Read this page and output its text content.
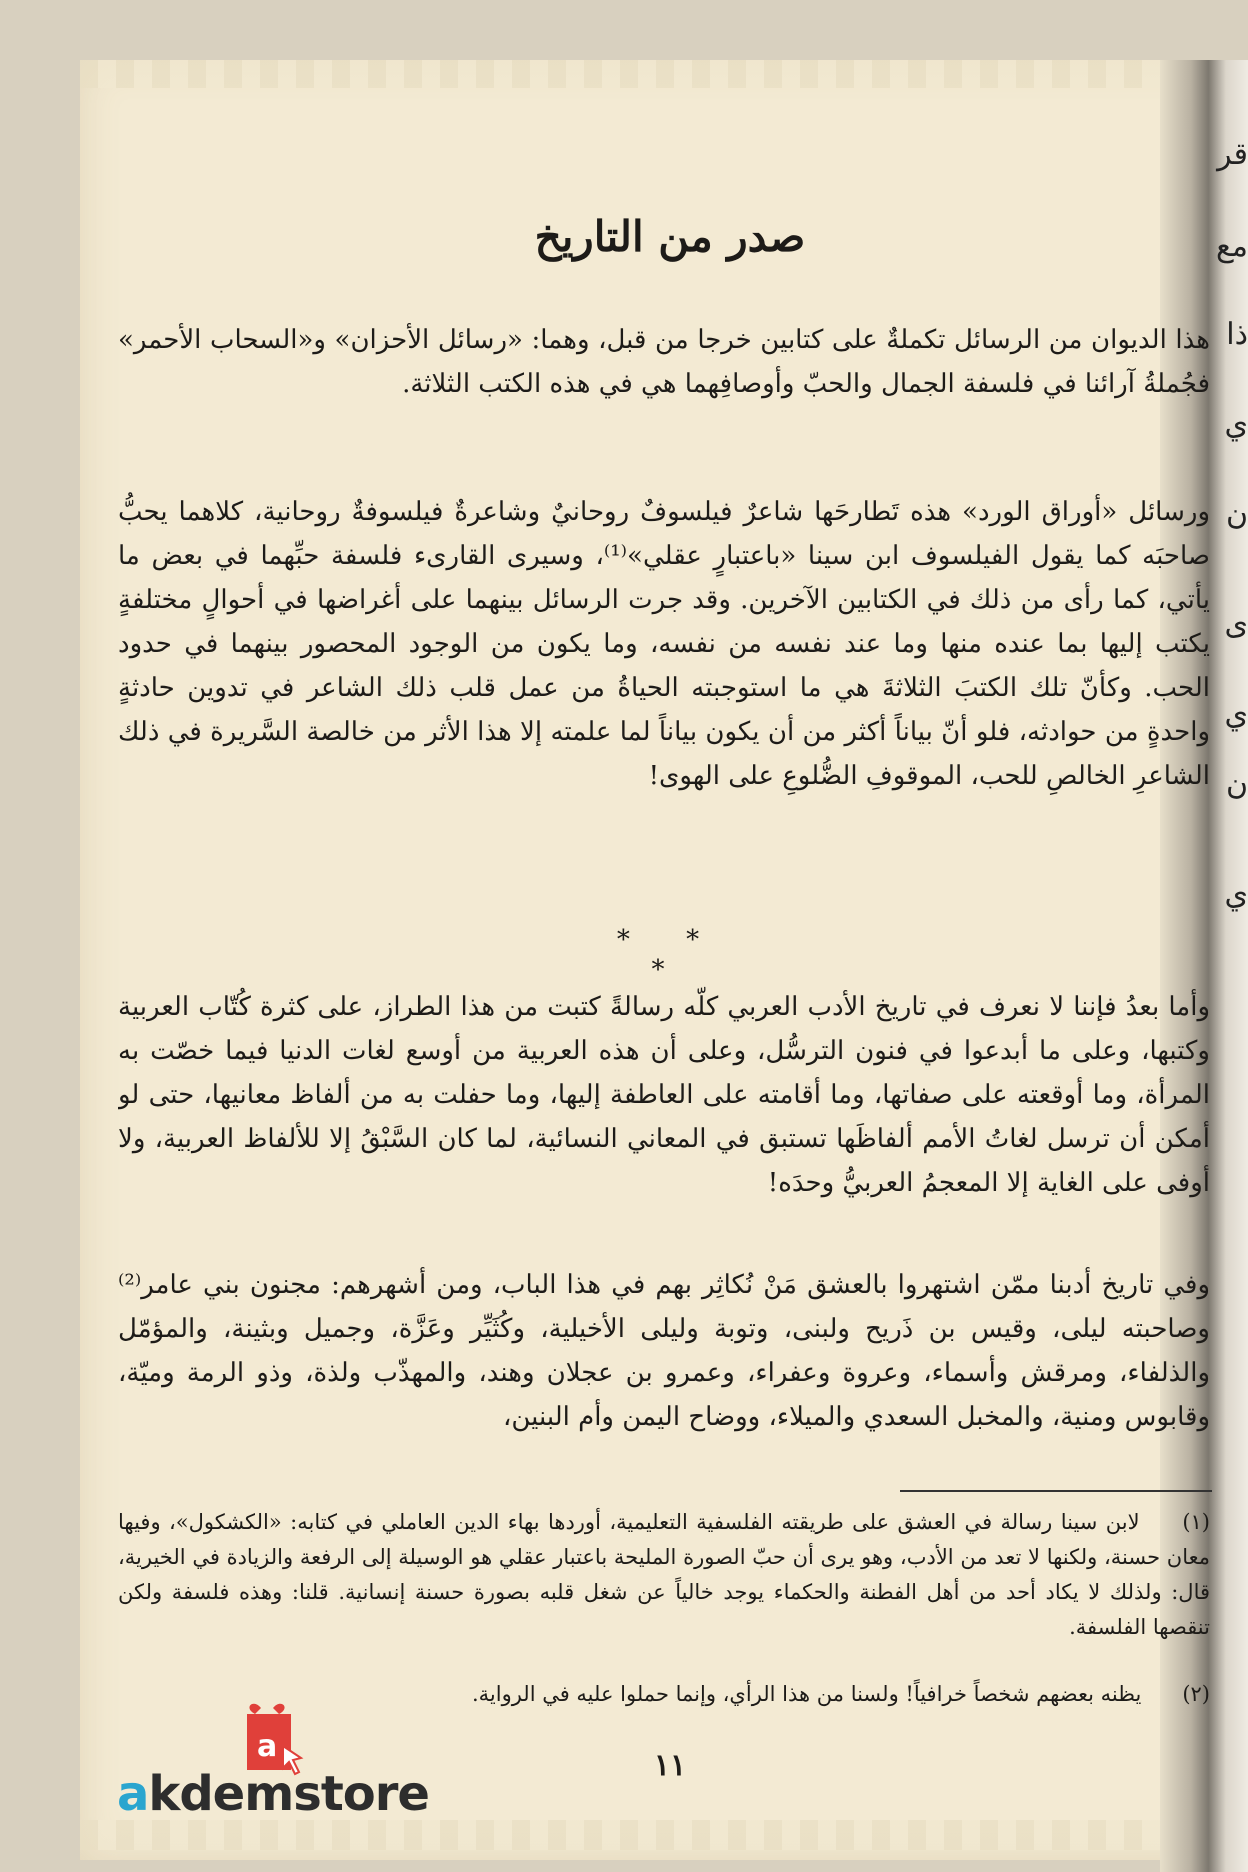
قر
مع
ذا
ي
ن
ى
ي
ن
ي
صدر من التاريخ

هذا الديوان من الرسائل تكملةٌ على كتابين خرجا من قبل، وهما: «رسائل الأحزان» و«السحاب الأحمر» فجُملةُ آرائنا في فلسفة الجمال والحبّ وأوصافِهما هي في هذه الكتب الثلاثة.

ورسائل «أوراق الورد» هذه تَطارحَها شاعرٌ فيلسوفٌ روحانيٌ وشاعرةٌ فيلسوفةٌ روحانية، كلاهما يحبُّ صاحبَه كما يقول الفيلسوف ابن سينا «باعتبارٍ عقلي»⁽¹⁾، وسيرى القارىء فلسفة حبِّهما في بعض ما يأتي، كما رأى من ذلك في الكتابين الآخرين. وقد جرت الرسائل بينهما على أغراضها في أحوالٍ مختلفةٍ يكتب إليها بما عنده منها وما عند نفسه من نفسه، وما يكون من الوجود المحصور بينهما في حدود الحب. وكأنّ تلك الكتبَ الثلاثةَ هي ما استوجبته الحياةُ من عمل قلب ذلك الشاعر في تدوين حادثةٍ واحدةٍ من حوادثه، فلو أنّ بياناً أكثر من أن يكون بياناً لما علمته إلا هذا الأثر من خالصة السَّريرة في ذلك الشاعرِ الخالصِ للحب، الموقوفِ الضُّلوعِ على الهوى!

* * *

وأما بعدُ فإننا لا نعرف في تاريخ الأدب العربي كلّه رسالةً كتبت من هذا الطراز، على كثرة كُتّاب العربية وكتبها، وعلى ما أبدعوا في فنون الترسُّل، وعلى أن هذه العربية من أوسع لغات الدنيا فيما خصّت به المرأة، وما أوقعته على صفاتها، وما أقامته على العاطفة إليها، وما حفلت به من ألفاظ معانيها، حتى لو أمكن أن ترسل لغاتُ الأمم ألفاظَها تستبق في المعاني النسائية، لما كان السَّبْقُ إلا للألفاظ العربية، ولا أوفى على الغاية إلا المعجمُ العربيُّ وحدَه!

وفي تاريخ أدبنا ممّن اشتهروا بالعشق مَنْ نُكاثِر بهم في هذا الباب، ومن أشهرهم: مجنون بني عامر⁽²⁾ وصاحبته ليلى، وقيس بن ذَريح ولبنى، وتوبة وليلى الأخيلية، وكُثَيِّر وعَزَّة، وجميل وبثينة، والمؤمّل والذلفاء، ومرقش وأسماء، وعروة وعفراء، وعمرو بن عجلان وهند، والمهذّب ولذة، وذو الرمة وميّة، وقابوس ومنية، والمخبل السعدي والميلاء، ووضاح اليمن وأم البنين،

(١) لابن سينا رسالة في العشق على طريقته الفلسفية التعليمية، أوردها بهاء الدين العاملي في كتابه: «الكشكول»، وفيها معان حسنة، ولكنها لا تعد من الأدب، وهو يرى أن حبّ الصورة المليحة باعتبار عقلي هو الوسيلة إلى الرفعة والزيادة في الخيرية، قال: ولذلك لا يكاد أحد من أهل الفطنة والحكماء يوجد خالياً عن شغل قلبه بصورة حسنة إنسانية. قلنا: وهذه فلسفة ولكن تنقصها الفلسفة.
(٢) يظنه بعضهم شخصاً خرافياً! ولسنا من هذا الرأي، وإنما حملوا عليه في الرواية.
١١
a
akdemstore
